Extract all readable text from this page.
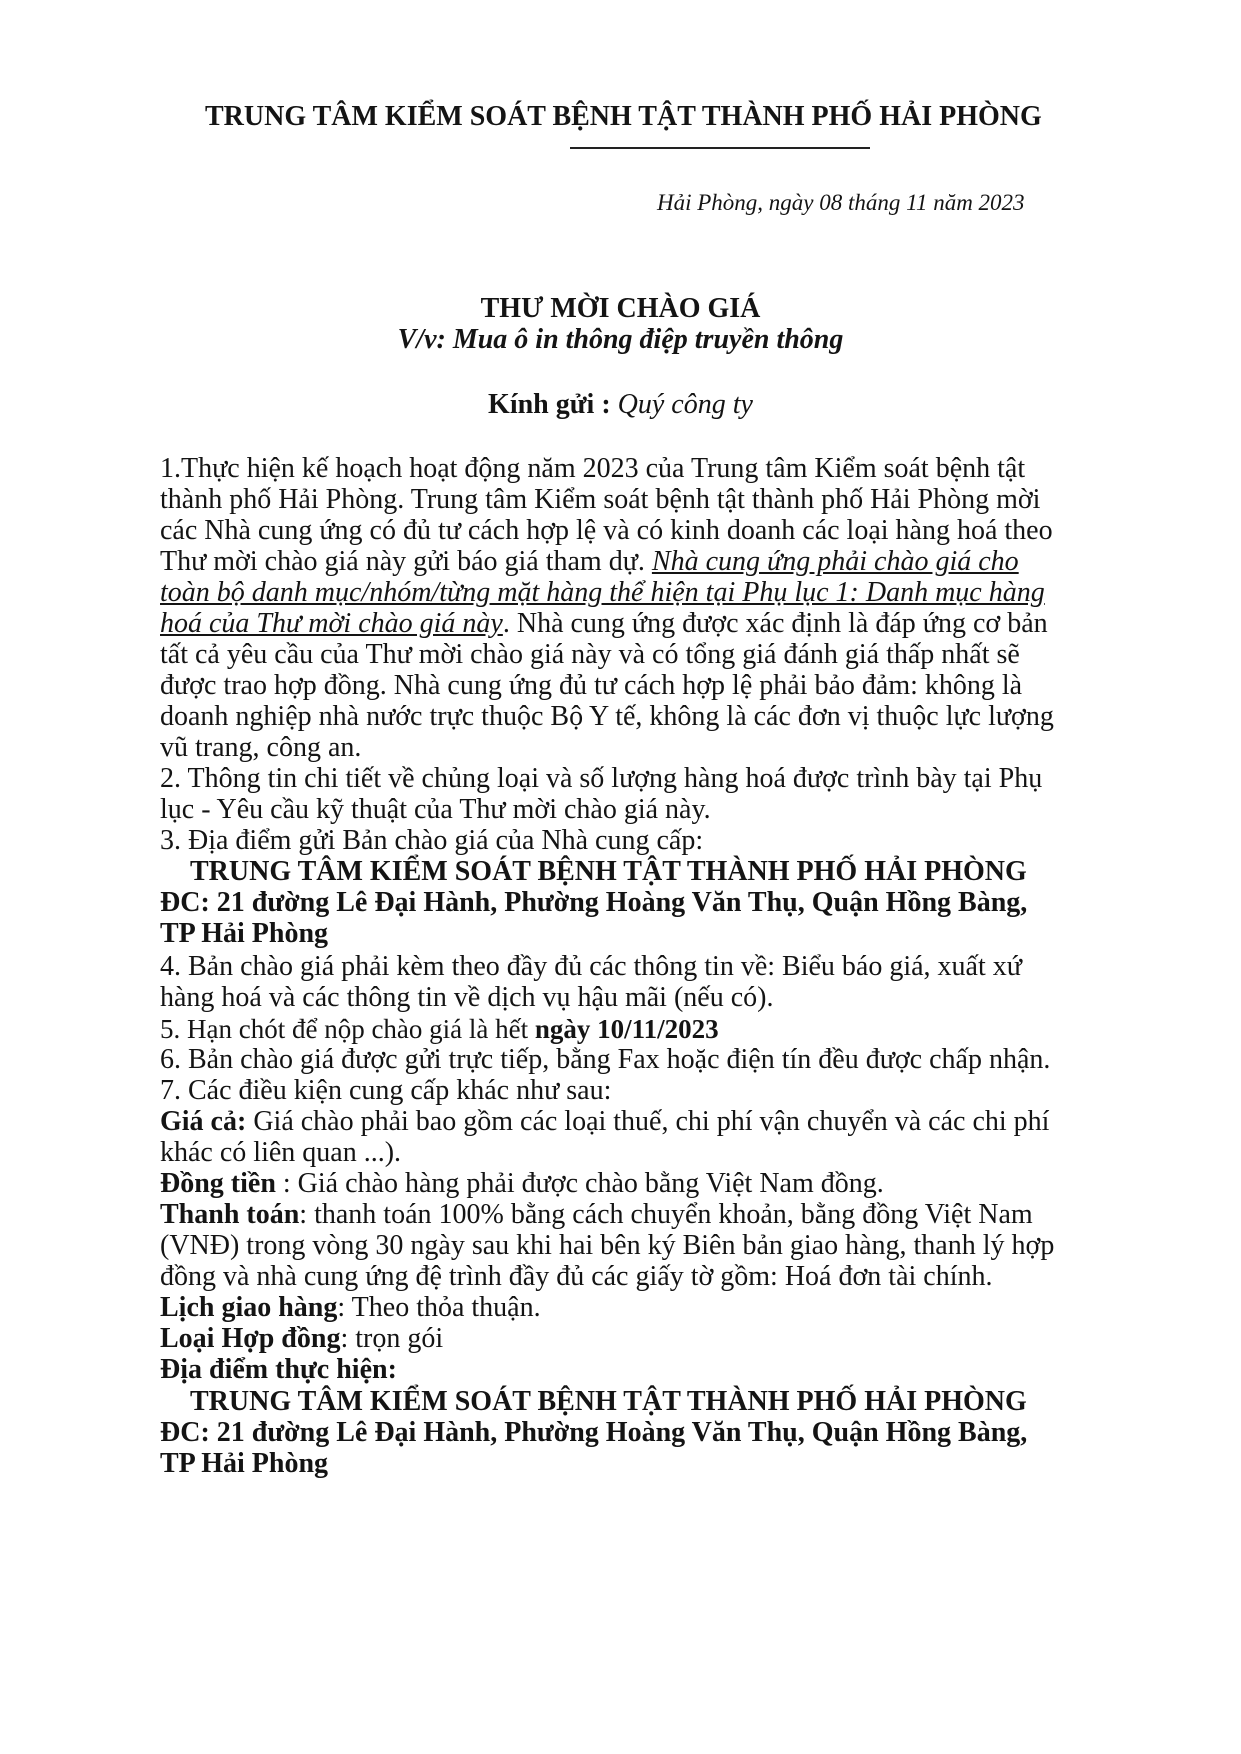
TRUNG TÂM KIỂM SOÁT BỆNH TẬT THÀNH PHỐ HẢI PHÒNG
Hải Phòng, ngày 08 tháng 11 năm 2023
THƯ MỜI CHÀO GIÁ
V/v: Mua ô in thông điệp truyền thông
Kính gửi : Quý công ty
1.Thực hiện kế hoạch hoạt động năm 2023 của Trung tâm Kiểm soát bệnh tật
thành phố Hải Phòng. Trung tâm Kiểm soát bệnh tật thành phố Hải Phòng mời
các Nhà cung ứng có đủ tư cách hợp lệ và có kinh doanh các loại hàng hoá theo
Thư mời chào giá này gửi báo giá tham dự. Nhà cung ứng phải chào giá cho
toàn bộ danh mục/nhóm/từng mặt hàng thể hiện tại Phụ lục 1: Danh mục hàng
hoá của Thư mời chào giá này. Nhà cung ứng được xác định là đáp ứng cơ bản
tất cả yêu cầu của Thư mời chào giá này và có tổng giá đánh giá thấp nhất sẽ
được trao hợp đồng. Nhà cung ứng đủ tư cách hợp lệ phải bảo đảm: không là
doanh nghiệp nhà nước trực thuộc Bộ Y tế, không là các đơn vị thuộc lực lượng
vũ trang, công an.
2. Thông tin chi tiết về chủng loại và số lượng hàng hoá được trình bày tại Phụ
lục - Yêu cầu kỹ thuật của Thư mời chào giá này.
3. Địa điểm gửi Bản chào giá của Nhà cung cấp:
TRUNG TÂM KIỂM SOÁT BỆNH TẬT THÀNH PHỐ HẢI PHÒNG
ĐC: 21 đường Lê Đại Hành, Phường Hoàng Văn Thụ, Quận Hồng Bàng,
TP Hải Phòng
4. Bản chào giá phải kèm theo đầy đủ các thông tin về: Biểu báo giá, xuất xứ
hàng hoá và các thông tin về dịch vụ hậu mãi (nếu có).
5. Hạn chót để nộp chào giá là hết ngày 10/11/2023
6. Bản chào giá được gửi trực tiếp, bằng Fax hoặc điện tín đều được chấp nhận.
7. Các điều kiện cung cấp khác như sau:
Giá cả: Giá chào phải bao gồm các loại thuế, chi phí vận chuyển và các chi phí
khác có liên quan ...).
Đồng tiền : Giá chào hàng phải được chào bằng Việt Nam đồng.
Thanh toán: thanh toán 100% bằng cách chuyển khoản, bằng đồng Việt Nam
(VNĐ) trong vòng 30 ngày sau khi hai bên ký Biên bản giao hàng, thanh lý hợp
đồng và nhà cung ứng đệ trình đầy đủ các giấy tờ gồm: Hoá đơn tài chính.
Lịch giao hàng: Theo thỏa thuận.
Loại Hợp đồng: trọn gói
Địa điểm thực hiện:
TRUNG TÂM KIỂM SOÁT BỆNH TẬT THÀNH PHỐ HẢI PHÒNG
ĐC: 21 đường Lê Đại Hành, Phường Hoàng Văn Thụ, Quận Hồng Bàng,
TP Hải Phòng
